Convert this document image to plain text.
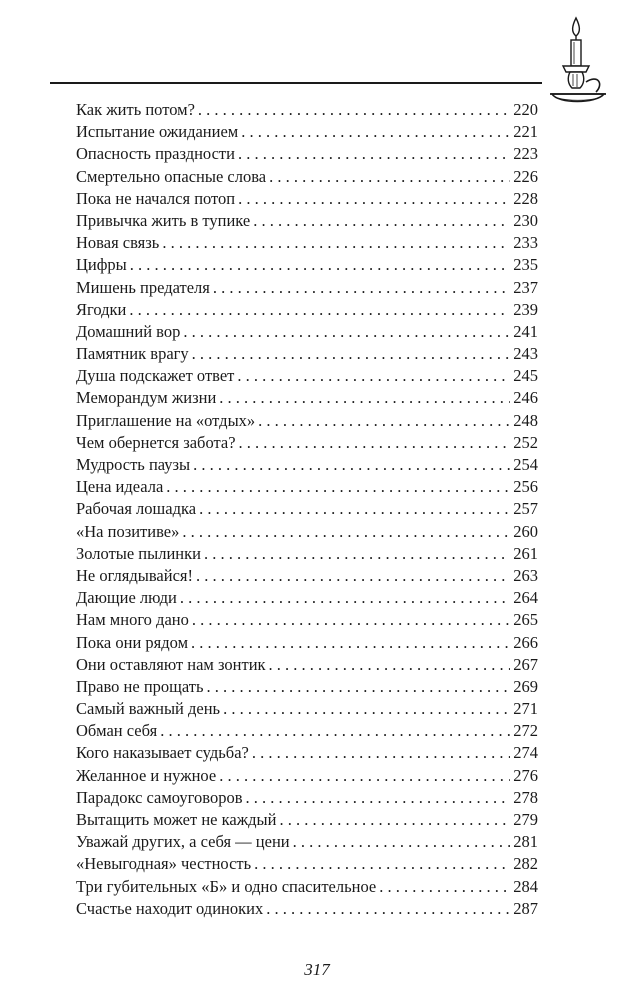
Как жить потом? . . .	220
Испытание ожиданием . . .	221
Опасность праздности . . .	223
Смертельно опасные слова . . .	226
Пока не начался потоп . . .	228
Привычка жить в тупике . . .	230
Новая связь . . .	233
Цифры . . .	235
Мишень предателя . . .	237
Ягодки . . .	239
Домашний вор . . .	241
Памятник врагу . . .	243
Душа подскажет ответ . . .	245
Меморандум жизни . . .	246
Приглашение на «отдых» . . .	248
Чем обернется забота? . . .	252
Мудрость паузы . . .	254
Цена идеала . . .	256
Рабочая лошадка . . .	257
«На позитиве» . . .	260
Золотые пылинки . . .	261
Не оглядывайся! . . .	263
Дающие люди . . .	264
Нам много дано . . .	265
Пока они рядом . . .	266
Они оставляют нам зонтик . . .	267
Право не прощать . . .	269
Самый важный день . . .	271
Обман себя . . .	272
Кого наказывает судьба? . . .	274
Желанное и нужное . . .	276
Парадокс самоуговоров . . .	278
Вытащить может не каждый . . .	279
Уважай других, а себя — цени . . .	281
«Невыгодная» честность . . .	282
Три губительных «Б» и одно спасительное . . .	284
Счастье находит одиноких . . .	287
317
